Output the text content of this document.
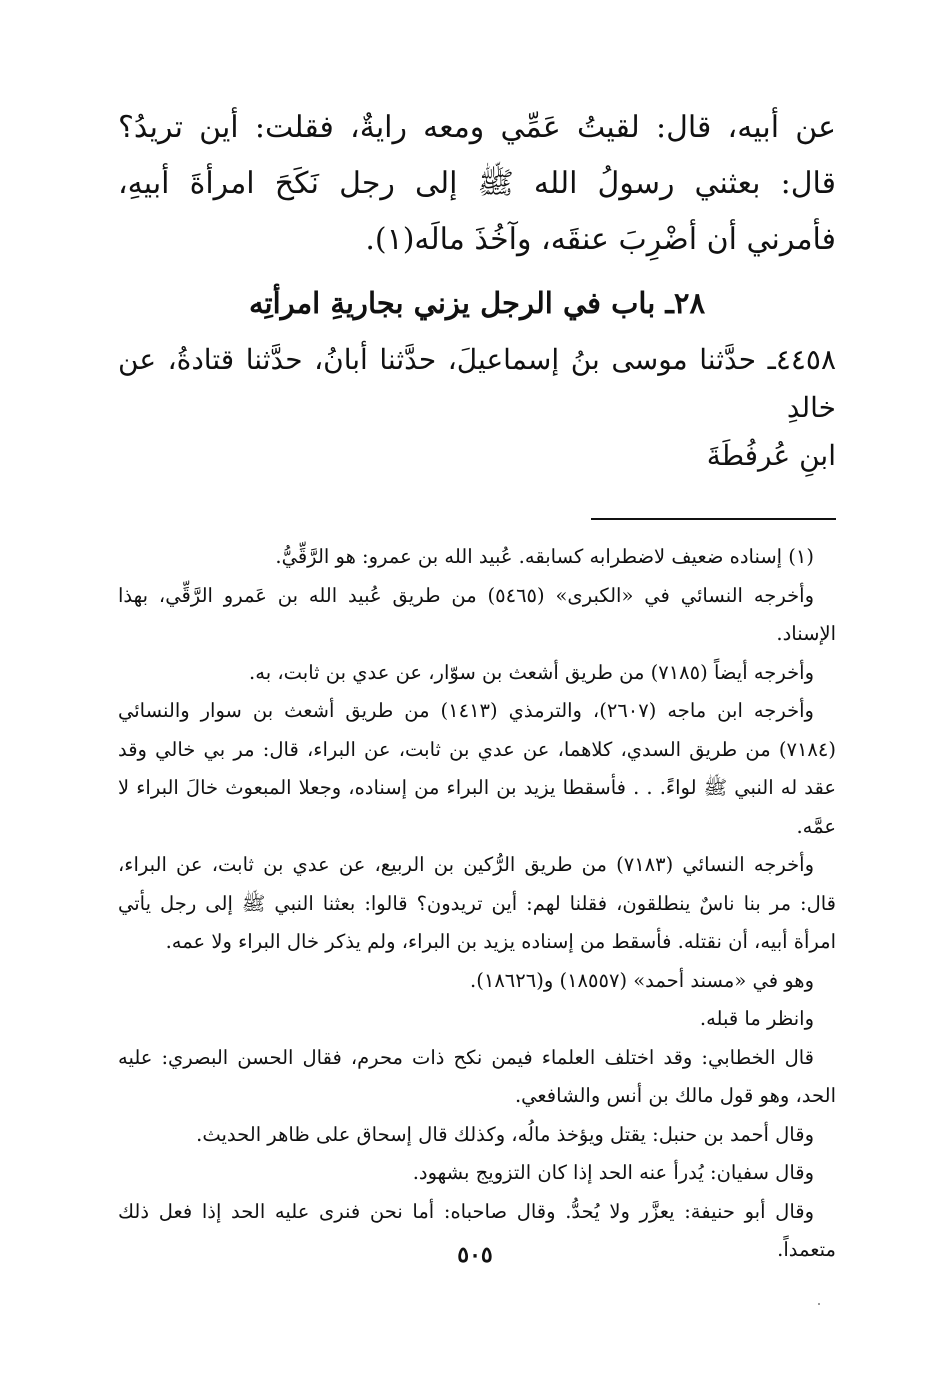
عن أبيه، قال: لقيتُ عَمِّي ومعه رايةٌ، فقلت: أين تريدُ؟ قال: بعثني رسولُ الله ﷺ إلى رجل نَكَحَ امرأةَ أبيهِ، فأمرني أن أضْرِبَ عنقَه، وآخُذَ مالَه(١).

٢٨ـ باب في الرجل يزني بجاريةِ امرأتِه

٤٤٥٨ـ حدَّثنا موسى بنُ إسماعيلَ، حدَّثنا أبانُ، حدَّثنا قتادةُ، عن خالدِ
ابنِ عُرفُطَةَ

(١) إسناده ضعيف لاضطرابه كسابقه. عُبيد الله بن عمرو: هو الرَّقِّيُّ.

وأخرجه النسائي في «الكبرى» (٥٤٦٥) من طريق عُبيد الله بن عَمرو الرَّقِّي، بهذا الإسناد.

وأخرجه أيضاً (٧١٨٥) من طريق أشعث بن سوّار، عن عدي بن ثابت، به.

وأخرجه ابن ماجه (٢٦٠٧)، والترمذي (١٤١٣) من طريق أشعث بن سوار والنسائي (٧١٨٤) من طريق السدي، كلاهما، عن عدي بن ثابت، عن البراء، قال: مر بي خالي وقد عقد له النبي ﷺ لواءً. . . فأسقطا يزيد بن البراء من إسناده، وجعلا المبعوث خالَ البراء لا عمَّه.

وأخرجه النسائي (٧١٨٣) من طريق الرُّكين بن الربيع، عن عدي بن ثابت، عن البراء، قال: مر بنا ناسٌ ينطلقون، فقلنا لهم: أين تريدون؟ قالوا: بعثنا النبي ﷺ إلى رجل يأتي امرأة أبيه، أن نقتله. فأسقط من إسناده يزيد بن البراء، ولم يذكر خال البراء ولا عمه.

وهو في «مسند أحمد» (١٨٥٥٧) و(١٨٦٢٦).

وانظر ما قبله.

قال الخطابي: وقد اختلف العلماء فيمن نكح ذات محرم، فقال الحسن البصري: عليه الحد، وهو قول مالك بن أنس والشافعي.

وقال أحمد بن حنبل: يقتل ويؤخذ مالُه، وكذلك قال إسحاق على ظاهر الحديث.

وقال سفيان: يُدرأ عنه الحد إذا كان التزويج بشهود.

وقال أبو حنيفة: يعزَّر ولا يُحدُّ. وقال صاحباه: أما نحن فنرى عليه الحد إذا فعل ذلك متعمداً.

٥٠٥
